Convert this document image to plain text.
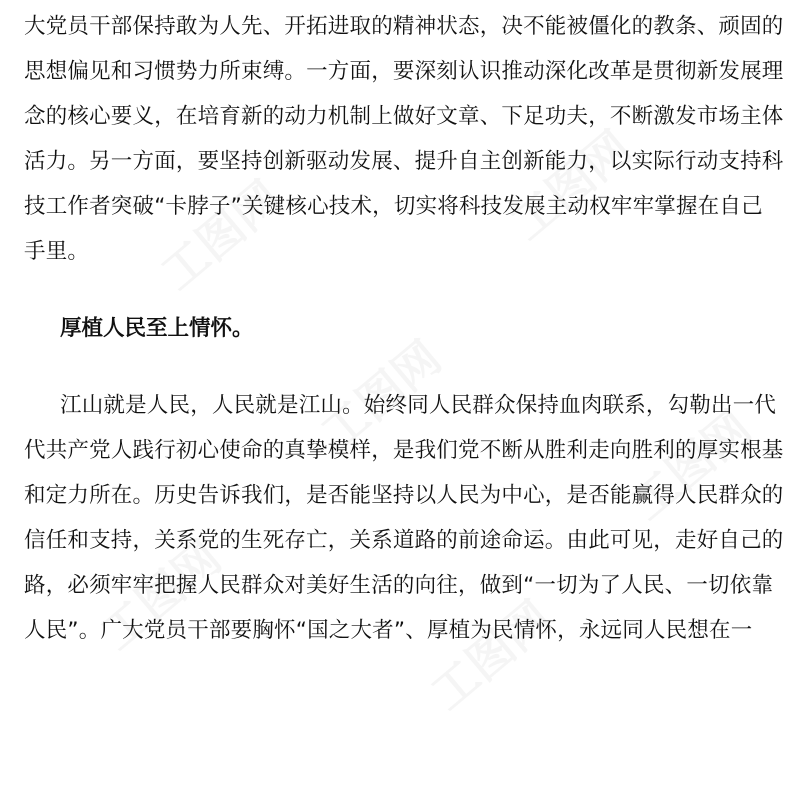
工图网	工图网
工图网
工图网
工图网	工图网
大党员干部保持敢为人先、开拓进取的精神状态，决不能被僵化的教条、顽固的
思想偏见和习惯势力所束缚。一方面，要深刻认识推动深化改革是贯彻新发展理
念的核心要义，在培育新的动力机制上做好文章、下足功夫，不断激发市场主体
活力。另一方面，要坚持创新驱动发展、提升自主创新能力，以实际行动支持科
技工作者突破“卡脖子”关键核心技术，切实将科技发展主动权牢牢掌握在自己
手里。
厚植人民至上情怀。
江山就是人民，人民就是江山。始终同人民群众保持血肉联系，勾勒出一代
代共产党人践行初心使命的真挚模样，是我们党不断从胜利走向胜利的厚实根基
和定力所在。历史告诉我们，是否能坚持以人民为中心，是否能赢得人民群众的
信任和支持，关系党的生死存亡，关系道路的前途命运。由此可见，走好自己的
路，必须牢牢把握人民群众对美好生活的向往，做到“一切为了人民、一切依靠
人民”。广大党员干部要胸怀“国之大者”、厚植为民情怀，永远同人民想在一
